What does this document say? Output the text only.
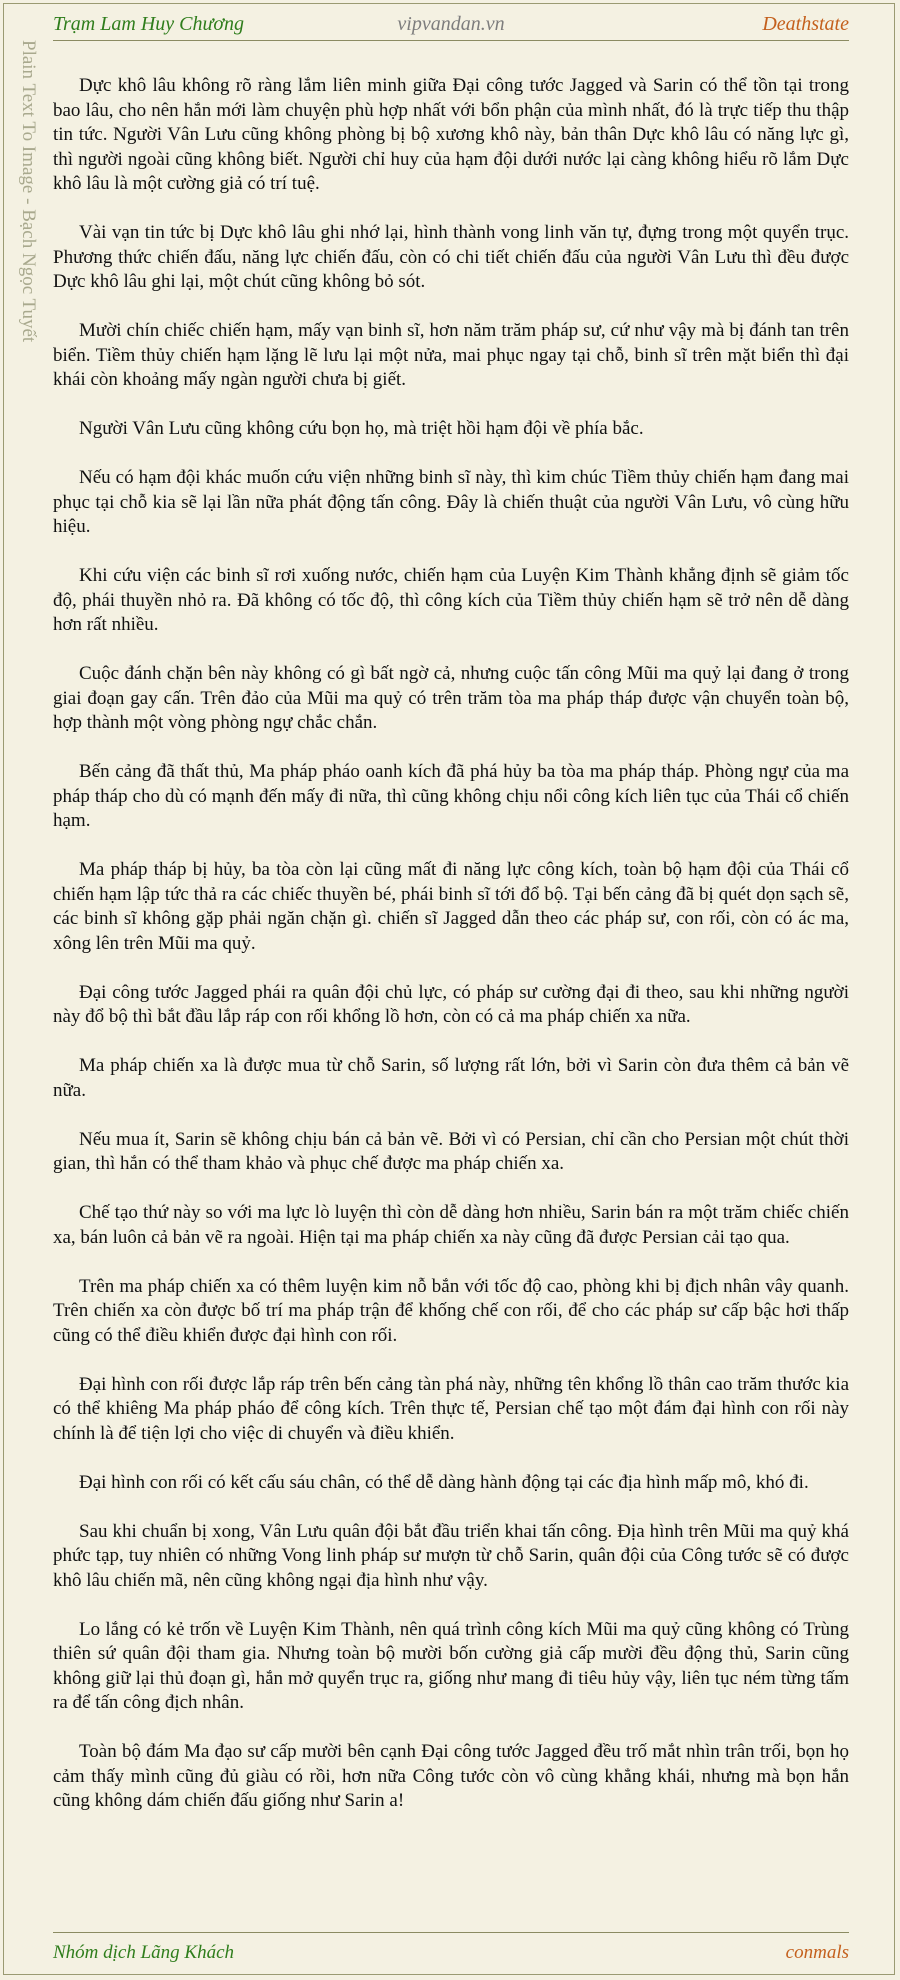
Trạm Lam Huy Chương	vipvandan.vn	Deathstate
Plain Text To Image - Bạch Ngọc Tuyết	Dực khô lâu không rõ ràng lắm liên minh giữa Đại công tước Jagged và Sarin có thể tồn tại trong bao lâu, cho nên hắn mới làm chuyện phù hợp nhất với bổn phận của mình nhất, đó là trực tiếp thu thập tin tức. Người Vân Lưu cũng không phòng bị bộ xương khô này, bản thân Dực khô lâu có năng lực gì, thì người ngoài cũng không biết. Người chỉ huy của hạm đội dưới nước lại càng không hiểu rõ lắm Dực khô lâu là một cường giả có trí tuệ.

Vài vạn tin tức bị Dực khô lâu ghi nhớ lại, hình thành vong linh văn tự, đựng trong một quyển trục. Phương thức chiến đấu, năng lực chiến đấu, còn có chi tiết chiến đấu của người Vân Lưu thì đều được Dực khô lâu ghi lại, một chút cũng không bỏ sót.

Mười chín chiếc chiến hạm, mấy vạn binh sĩ, hơn năm trăm pháp sư, cứ như vậy mà bị đánh tan trên biển. Tiềm thủy chiến hạm lặng lẽ lưu lại một nửa, mai phục ngay tại chỗ, binh sĩ trên mặt biển thì đại khái còn khoảng mấy ngàn người chưa bị giết.

Người Vân Lưu cũng không cứu bọn họ, mà triệt hồi hạm đội về phía bắc.

Nếu có hạm đội khác muốn cứu viện những binh sĩ này, thì kim chúc Tiềm thủy chiến hạm đang mai phục tại chỗ kia sẽ lại lần nữa phát động tấn công. Đây là chiến thuật của người Vân Lưu, vô cùng hữu hiệu.

Khi cứu viện các binh sĩ rơi xuống nước, chiến hạm của Luyện Kim Thành khẳng định sẽ giảm tốc độ, phái thuyền nhỏ ra. Đã không có tốc độ, thì công kích của Tiềm thủy chiến hạm sẽ trở nên dễ dàng hơn rất nhiều.

Cuộc đánh chặn bên này không có gì bất ngờ cả, nhưng cuộc tấn công Mũi ma quỷ lại đang ở trong giai đoạn gay cấn. Trên đảo của Mũi ma quỷ có trên trăm tòa ma pháp tháp được vận chuyển toàn bộ, hợp thành một vòng phòng ngự chắc chắn.

Bến cảng đã thất thủ, Ma pháp pháo oanh kích đã phá hủy ba tòa ma pháp tháp. Phòng ngự của ma pháp tháp cho dù có mạnh đến mấy đi nữa, thì cũng không chịu nổi công kích liên tục của Thái cổ chiến hạm.

Ma pháp tháp bị hủy, ba tòa còn lại cũng mất đi năng lực công kích, toàn bộ hạm đội của Thái cổ chiến hạm lập tức thả ra các chiếc thuyền bé, phái binh sĩ tới đổ bộ. Tại bến cảng đã bị quét dọn sạch sẽ, các binh sĩ không gặp phải ngăn chặn gì. chiến sĩ Jagged dẫn theo các pháp sư, con rối, còn có ác ma, xông lên trên Mũi ma quỷ.

Đại công tước Jagged phái ra quân đội chủ lực, có pháp sư cường đại đi theo, sau khi những người này đổ bộ thì bắt đầu lắp ráp con rối khổng lồ hơn, còn có cả ma pháp chiến xa nữa.

Ma pháp chiến xa là được mua từ chỗ Sarin, số lượng rất lớn, bởi vì Sarin còn đưa thêm cả bản vẽ nữa.

Nếu mua ít, Sarin sẽ không chịu bán cả bản vẽ. Bởi vì có Persian, chỉ cần cho Persian một chút thời gian, thì hắn có thể tham khảo và phục chế được ma pháp chiến xa.

Chế tạo thứ này so với ma lực lò luyện thì còn dễ dàng hơn nhiều, Sarin bán ra một trăm chiếc chiến xa, bán luôn cả bản vẽ ra ngoài. Hiện tại ma pháp chiến xa này cũng đã được Persian cải tạo qua.

Trên ma pháp chiến xa có thêm luyện kim nỗ bắn với tốc độ cao, phòng khi bị địch nhân vây quanh. Trên chiến xa còn được bố trí ma pháp trận để khống chế con rối, để cho các pháp sư cấp bậc hơi thấp cũng có thể điều khiển được đại hình con rối.

Đại hình con rối được lắp ráp trên bến cảng tàn phá này, những tên khổng lồ thân cao trăm thước kia có thể khiêng Ma pháp pháo để công kích. Trên thực tế, Persian chế tạo một đám đại hình con rối này chính là để tiện lợi cho việc di chuyển và điều khiển.

Đại hình con rối có kết cấu sáu chân, có thể dễ dàng hành động tại các địa hình mấp mô, khó đi.

Sau khi chuẩn bị xong, Vân Lưu quân đội bắt đầu triển khai tấn công. Địa hình trên Mũi ma quỷ khá phức tạp, tuy nhiên có những Vong linh pháp sư mượn từ chỗ Sarin, quân đội của Công tước sẽ có được khô lâu chiến mã, nên cũng không ngại địa hình như vậy.

Lo lắng có kẻ trốn về Luyện Kim Thành, nên quá trình công kích Mũi ma quỷ cũng không có Trùng thiên sứ quân đội tham gia. Nhưng toàn bộ mười bốn cường giả cấp mười đều động thủ, Sarin cũng không giữ lại thủ đoạn gì, hắn mở quyển trục ra, giống như mang đi tiêu hủy vậy, liên tục ném từng tấm ra để tấn công địch nhân.

Toàn bộ đám Ma đạo sư cấp mười bên cạnh Đại công tước Jagged đều trố mắt nhìn trân trối, bọn họ cảm thấy mình cũng đủ giàu có rồi, hơn nữa Công tước còn vô cùng khẳng khái, nhưng mà bọn hắn cũng không dám chiến đấu giống như Sarin a!

Nhóm dịch Lãng Khách	conmals
